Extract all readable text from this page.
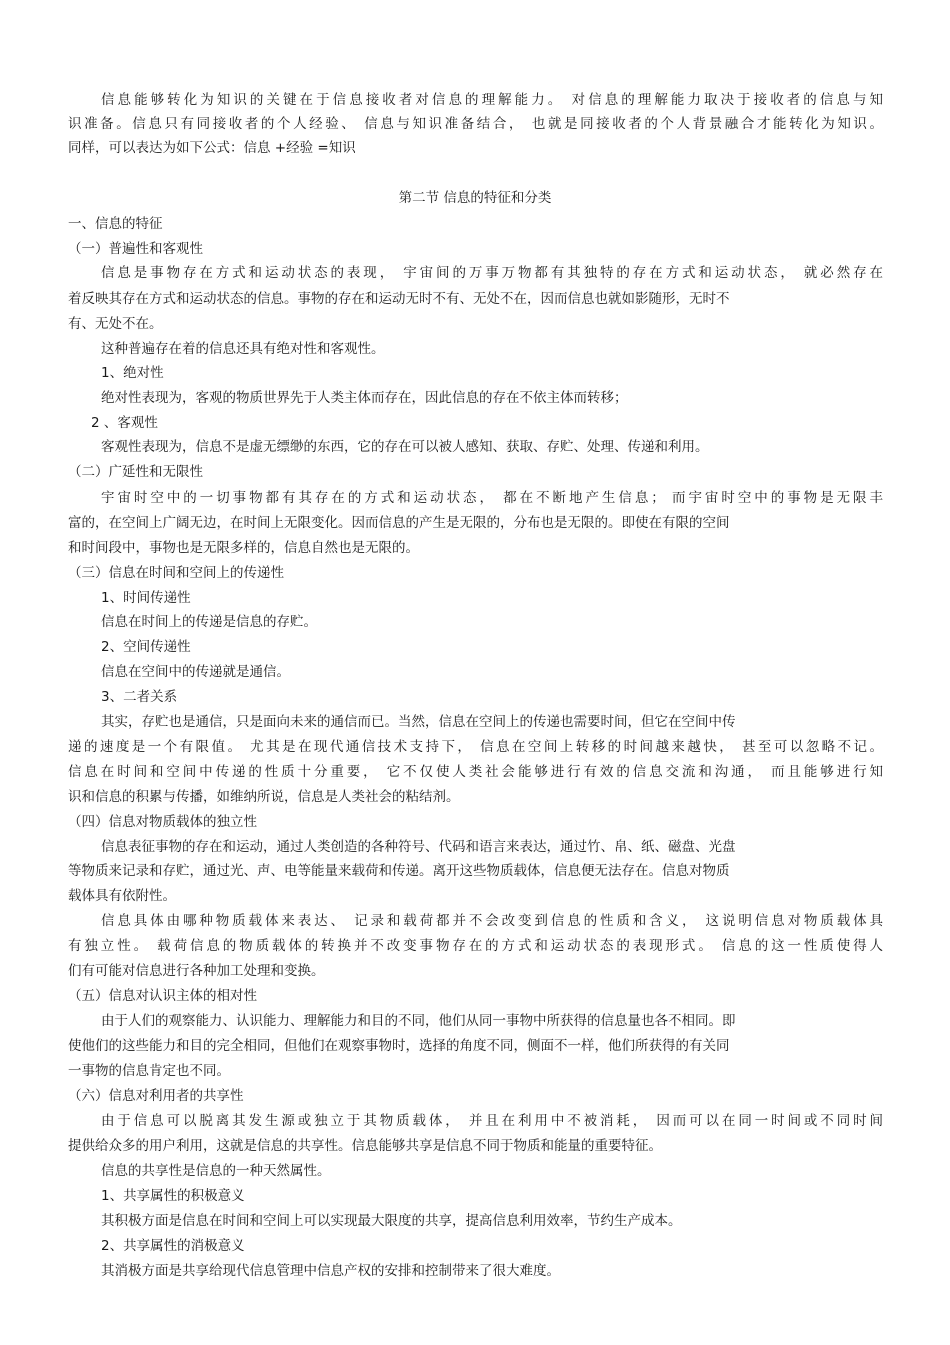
信息能够转化为知识的关键在于信息接收者对信息的理解能力。 对信息的理解能力取决于接收者的信息与知
识准备。信息只有同接收者的个人经验、 信息与知识准备结合， 也就是同接收者的个人背景融合才能转化为知识。
同样，可以表达为如下公式：信息 +经验 =知识
第二节 信息的特征和分类
一、信息的特征
（一）普遍性和客观性
信息是事物存在方式和运动状态的表现， 宇宙间的万事万物都有其独特的存在方式和运动状态， 就必然存在
着反映其存在方式和运动状态的信息。事物的存在和运动无时不有、无处不在，因而信息也就如影随形，无时不
有、无处不在。
这种普遍存在着的信息还具有绝对性和客观性。
1、绝对性
绝对性表现为，客观的物质世界先于人类主体而存在，因此信息的存在不依主体而转移；
2 、客观性
客观性表现为，信息不是虚无缥缈的东西，它的存在可以被人感知、获取、存贮、处理、传递和利用。
（二）广延性和无限性
宇宙时空中的一切事物都有其存在的方式和运动状态， 都在不断地产生信息； 而宇宙时空中的事物是无限丰
富的，在空间上广阔无边，在时间上无限变化。因而信息的产生是无限的，分布也是无限的。即使在有限的空间
和时间段中，事物也是无限多样的，信息自然也是无限的。
（三）信息在时间和空间上的传递性
1、时间传递性
信息在时间上的传递是信息的存贮。
2、空间传递性
信息在空间中的传递就是通信。
3、二者关系
其实，存贮也是通信，只是面向未来的通信而已。当然，信息在空间上的传递也需要时间，但它在空间中传
递的速度是一个有限值。 尤其是在现代通信技术支持下， 信息在空间上转移的时间越来越快， 甚至可以忽略不记。
信息在时间和空间中传递的性质十分重要， 它不仅使人类社会能够进行有效的信息交流和沟通， 而且能够进行知
识和信息的积累与传播，如维纳所说，信息是人类社会的粘结剂。
（四）信息对物质载体的独立性
信息表征事物的存在和运动，通过人类创造的各种符号、代码和语言来表达，通过竹、帛、纸、磁盘、光盘
等物质来记录和存贮，通过光、声、电等能量来载荷和传递。离开这些物质载体，信息便无法存在。信息对物质
载体具有依附性。
信息具体由哪种物质载体来表达、 记录和载荷都并不会改变到信息的性质和含义， 这说明信息对物质载体具
有独立性。 载荷信息的物质载体的转换并不改变事物存在的方式和运动状态的表现形式。 信息的这一性质使得人
们有可能对信息进行各种加工处理和变换。
（五）信息对认识主体的相对性
由于人们的观察能力、认识能力、理解能力和目的不同，他们从同一事物中所获得的信息量也各不相同。即
使他们的这些能力和目的完全相同，但他们在观察事物时，选择的角度不同，侧面不一样，他们所获得的有关同
一事物的信息肯定也不同。
（六）信息对利用者的共享性
由于信息可以脱离其发生源或独立于其物质载体， 并且在利用中不被消耗， 因而可以在同一时间或不同时间
提供给众多的用户利用，这就是信息的共享性。信息能够共享是信息不同于物质和能量的重要特征。
信息的共享性是信息的一种天然属性。
1、共享属性的积极意义
其积极方面是信息在时间和空间上可以实现最大限度的共享，提高信息利用效率，节约生产成本。
2、共享属性的消极意义
其消极方面是共享给现代信息管理中信息产权的安排和控制带来了很大难度。
